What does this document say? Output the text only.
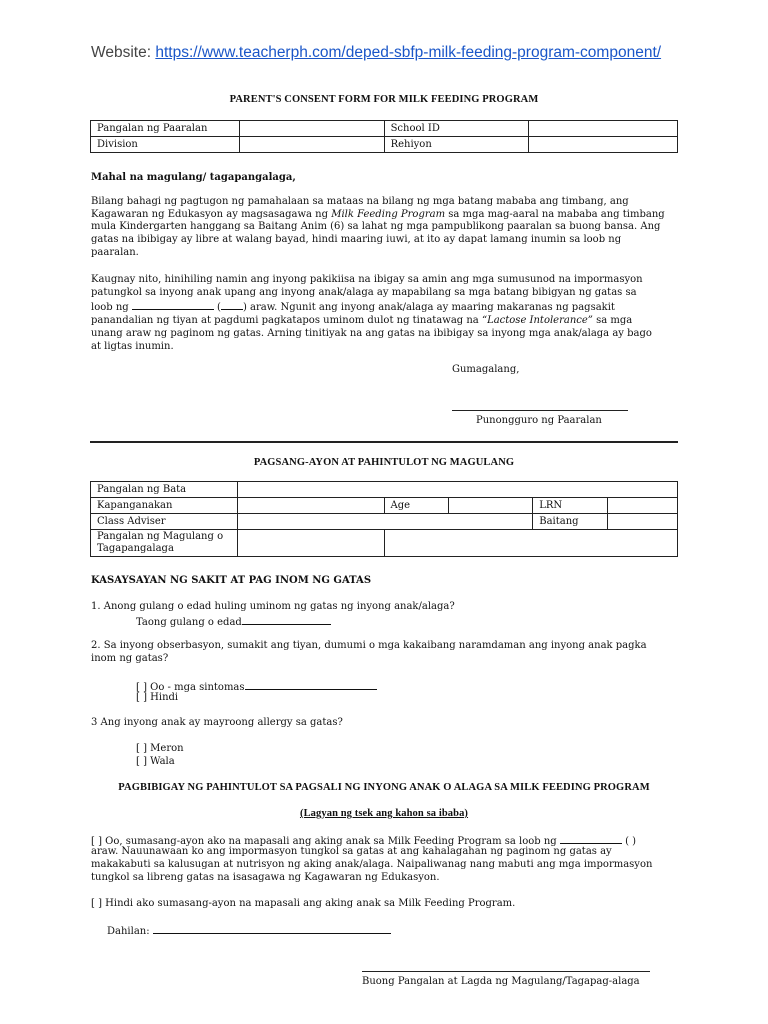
Website: https://www.teacherph.com/deped-sbfp-milk-feeding-program-component/
PARENT'S CONSENT FORM FOR MILK FEEDING PROGRAM
Pangalan ng Paaralan		School ID	
Division		Rehiyon	
Mahal na magulang/ tagapangalaga,
Bilang bahagi ng pagtugon ng pamahalaan sa mataas na bilang ng mga batang mababa ang timbang, ang
Kagawaran ng Edukasyon ay magsasagawa ng Milk Feeding Program sa mga mag-aaral na mababa ang timbang
mula Kindergarten hanggang sa Baitang Anim (6) sa lahat ng mga pampublikong paaralan sa buong bansa. Ang
gatas na ibibigay ay libre at walang bayad, hindi maaring iuwi, at ito ay dapat lamang inumin sa loob ng
paaralan.
Kaugnay nito, hinihiling namin ang inyong pakikiisa na ibigay sa amin ang mga sumusunod na impormasyon
patungkol sa inyong anak upang ang inyong anak/alaga ay mapabilang sa mga batang bibigyan ng gatas sa
loob ng	( ) araw. Ngunit ang inyong anak/alaga ay maaring makaranas ng pagsakit
panandalian ng tiyan at pagdumi pagkatapos uminom dulot ng tinatawag na “Lactose Intolerance” sa mga
unang araw ng paginom ng gatas. Arning tinitiyak na ang gatas na ibibigay sa inyong mga anak/alaga ay bago
at ligtas inumin.
Gumagalang,
Punongguro ng Paaralan
PAGSANG-AYON AT PAHINTULOT NG MAGULANG
Pangalan ng Bata					
Kapanganakan		Age		LRN	
Class Adviser				Baitang	
Pangalan ng Magulang o
Tagapangalaga					
KASAYSAYAN NG SAKIT AT PAG INOM NG GATAS
1. Anong gulang o edad huling uminom ng gatas ng inyong anak/alaga?
Taong gulang o edad
2. Sa inyong obserbasyon, sumakit ang tiyan, dumumi o mga kakaibang naramdaman ang inyong anak pagka
inom ng gatas?
[ ] Oo - mga sintomas
[ ] Hindi
3 Ang inyong anak ay mayroong allergy sa gatas?
[ ] Meron
[ ] Wala
PAGBIBIGAY NG PAHINTULOT SA PAGSALI NG INYONG ANAK O ALAGA SA MILK FEEDING PROGRAM
(Lagyan ng tsek ang kahon sa ibaba)
[ ] Oo, sumasang-ayon ako na mapasali ang aking anak sa Milk Feeding Program sa loob ng	( )
araw. Nauunawaan ko ang impormasyon tungkol sa gatas at ang kahalagahan ng paginom ng gatas ay
makakabuti sa kalusugan at nutrisyon ng aking anak/alaga. Naipaliwanag nang mabuti ang mga impormasyon
tungkol sa libreng gatas na isasagawa ng Kagawaran ng Edukasyon.
[ ] Hindi ako sumasang-ayon na mapasali ang aking anak sa Milk Feeding Program.
Dahilan:
Buong Pangalan at Lagda ng Magulang/Tagapag-alaga
